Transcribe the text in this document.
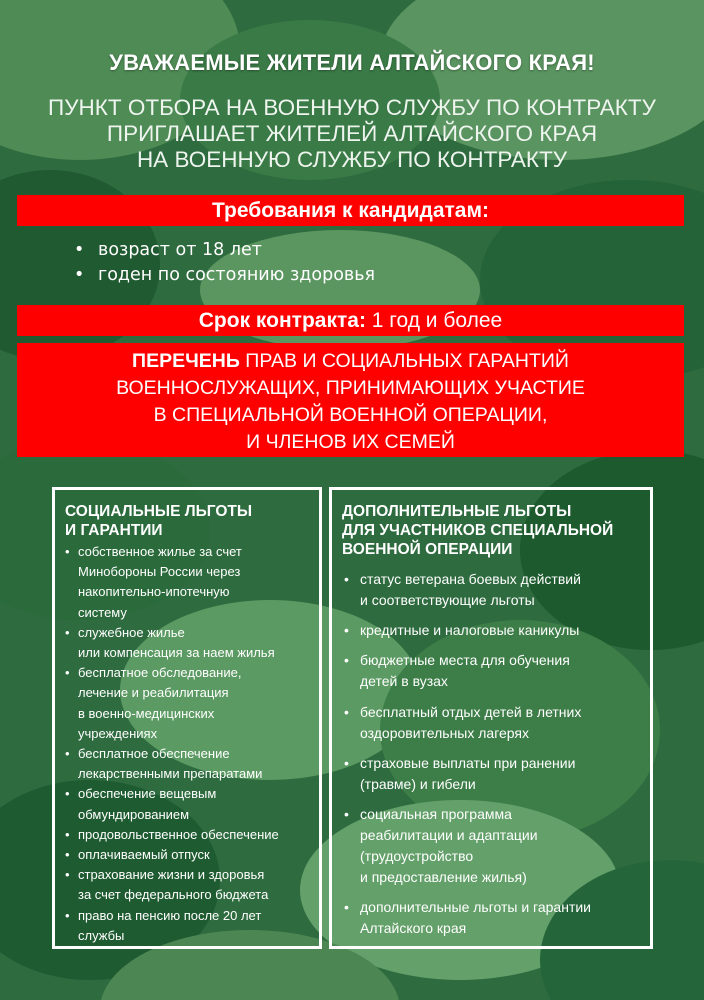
УВАЖАЕМЫЕ ЖИТЕЛИ АЛТАЙСКОГО КРАЯ!
ПУНКТ ОТБОРА НА ВОЕННУЮ СЛУЖБУ ПО КОНТРАКТУ
ПРИГЛАШАЕТ ЖИТЕЛЕЙ АЛТАЙСКОГО КРАЯ
НА ВОЕННУЮ СЛУЖБУ ПО КОНТРАКТУ
Требования к кандидатам:
• возраст от 18 лет
• годен по состоянию здоровья
Срок контракта: 1 год и более
ПЕРЕЧЕНЬ ПРАВ И СОЦИАЛЬНЫХ ГАРАНТИЙ
ВОЕННОСЛУЖАЩИХ, ПРИНИМАЮЩИХ УЧАСТИЕ
В СПЕЦИАЛЬНОЙ ВОЕННОЙ ОПЕРАЦИИ,
И ЧЛЕНОВ ИХ СЕМЕЙ
СОЦИАЛЬНЫЕ ЛЬГОТЫ
И ГАРАНТИИ
• собственное жилье за счет
Минобороны России через
накопительно-ипотечную
систему
• служебное жилье
или компенсация за наем жилья
• бесплатное обследование,
лечение и реабилитация
в военно-медицинских
учреждениях
• бесплатное обеспечение
лекарственными препаратами
• обеспечение вещевым
обмундированием
• продовольственное обеспечение
• оплачиваемый отпуск
• страхование жизни и здоровья
за счет федерального бюджета
• право на пенсию после 20 лет
службы
ДОПОЛНИТЕЛЬНЫЕ ЛЬГОТЫ
ДЛЯ УЧАСТНИКОВ СПЕЦИАЛЬНОЙ
ВОЕННОЙ ОПЕРАЦИИ
• статус ветерана боевых действий
и соответствующие льготы
• кредитные и налоговые каникулы
• бюджетные места для обучения
детей в вузах
• бесплатный отдых детей в летних
оздоровительных лагерях
• страховые выплаты при ранении
(травме) и гибели
• социальная программа
реабилитации и адаптации
(трудоустройство
и предоставление жилья)
• дополнительные льготы и гарантии
Алтайского края
